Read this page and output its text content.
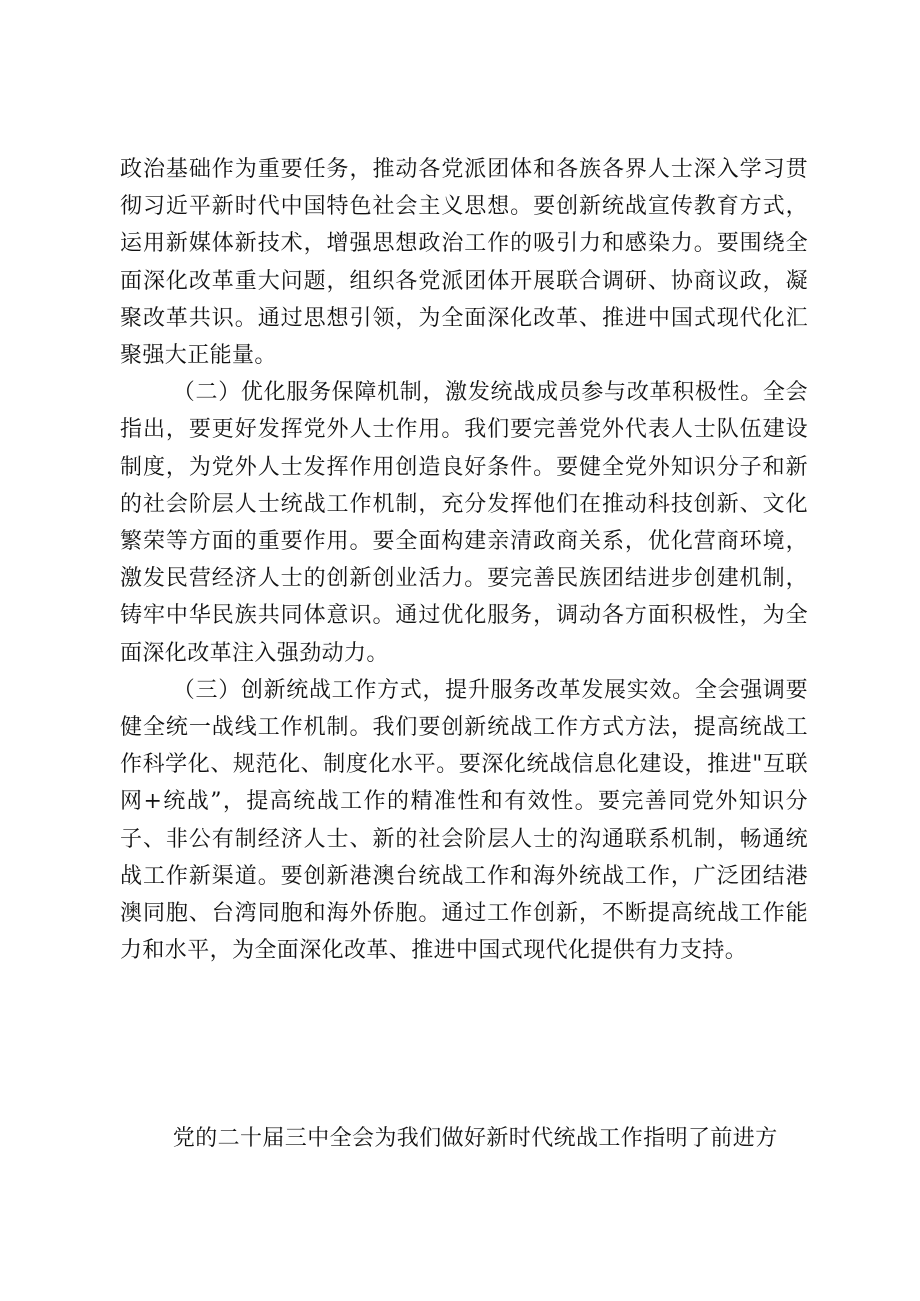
政治基础作为重要任务，推动各党派团体和各族各界人士深入学习贯彻习近平新时代中国特色社会主义思想。要创新统战宣传教育方式，运用新媒体新技术，增强思想政治工作的吸引力和感染力。要围绕全面深化改革重大问题，组织各党派团体开展联合调研、协商议政，凝聚改革共识。通过思想引领，为全面深化改革、推进中国式现代化汇聚强大正能量。

（二）优化服务保障机制，激发统战成员参与改革积极性。全会指出，要更好发挥党外人士作用。我们要完善党外代表人士队伍建设制度，为党外人士发挥作用创造良好条件。要健全党外知识分子和新的社会阶层人士统战工作机制，充分发挥他们在推动科技创新、文化繁荣等方面的重要作用。要全面构建亲清政商关系，优化营商环境，激发民营经济人士的创新创业活力。要完善民族团结进步创建机制，铸牢中华民族共同体意识。通过优化服务，调动各方面积极性，为全面深化改革注入强劲动力。

（三）创新统战工作方式，提升服务改革发展实效。全会强调要健全统一战线工作机制。我们要创新统战工作方式方法，提高统战工作科学化、规范化、制度化水平。要深化统战信息化建设，推进"互联网+统战”，提高统战工作的精准性和有效性。要完善同党外知识分子、非公有制经济人士、新的社会阶层人士的沟通联系机制，畅通统战工作新渠道。要创新港澳台统战工作和海外统战工作，广泛团结港澳同胞、台湾同胞和海外侨胞。通过工作创新，不断提高统战工作能力和水平，为全面深化改革、推进中国式现代化提供有力支持。

党的二十届三中全会为我们做好新时代统战工作指明了前进方
